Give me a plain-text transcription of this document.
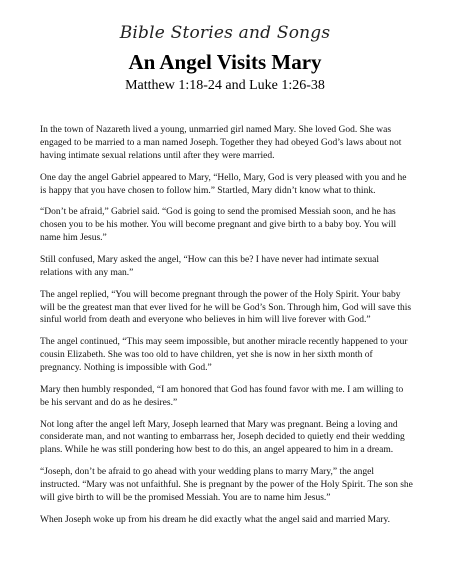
Bible Stories and Songs
An Angel Visits Mary
Matthew 1:18-24 and Luke 1:26-38

In the town of Nazareth lived a young, unmarried girl named Mary. She loved God. She was engaged to be married to a man named Joseph. Together they had obeyed God’s laws about not having intimate sexual relations until after they were married.

One day the angel Gabriel appeared to Mary, “Hello, Mary, God is very pleased with you and he is happy that you have chosen to follow him.” Startled, Mary didn’t know what to think.

“Don’t be afraid,” Gabriel said. “God is going to send the promised Messiah soon, and he has chosen you to be his mother. You will become pregnant and give birth to a baby boy. You will name him Jesus.”

Still confused, Mary asked the angel, “How can this be? I have never had intimate sexual relations with any man.”

The angel replied, “You will become pregnant through the power of the Holy Spirit. Your baby will be the greatest man that ever lived for he will be God’s Son. Through him, God will save this sinful world from death and everyone who believes in him will live forever with God.”

The angel continued, “This may seem impossible, but another miracle recently happened to your cousin Elizabeth. She was too old to have children, yet she is now in her sixth month of pregnancy. Nothing is impossible with God.”

Mary then humbly responded, “I am honored that God has found favor with me. I am willing to be his servant and do as he desires.”

Not long after the angel left Mary, Joseph learned that Mary was pregnant. Being a loving and considerate man, and not wanting to embarrass her, Joseph decided to quietly end their wedding plans. While he was still pondering how best to do this, an angel appeared to him in a dream.

“Joseph, don’t be afraid to go ahead with your wedding plans to marry Mary,” the angel instructed. “Mary was not unfaithful. She is pregnant by the power of the Holy Spirit. The son she will give birth to will be the promised Messiah. You are to name him Jesus.”

When Joseph woke up from his dream he did exactly what the angel said and married Mary.
